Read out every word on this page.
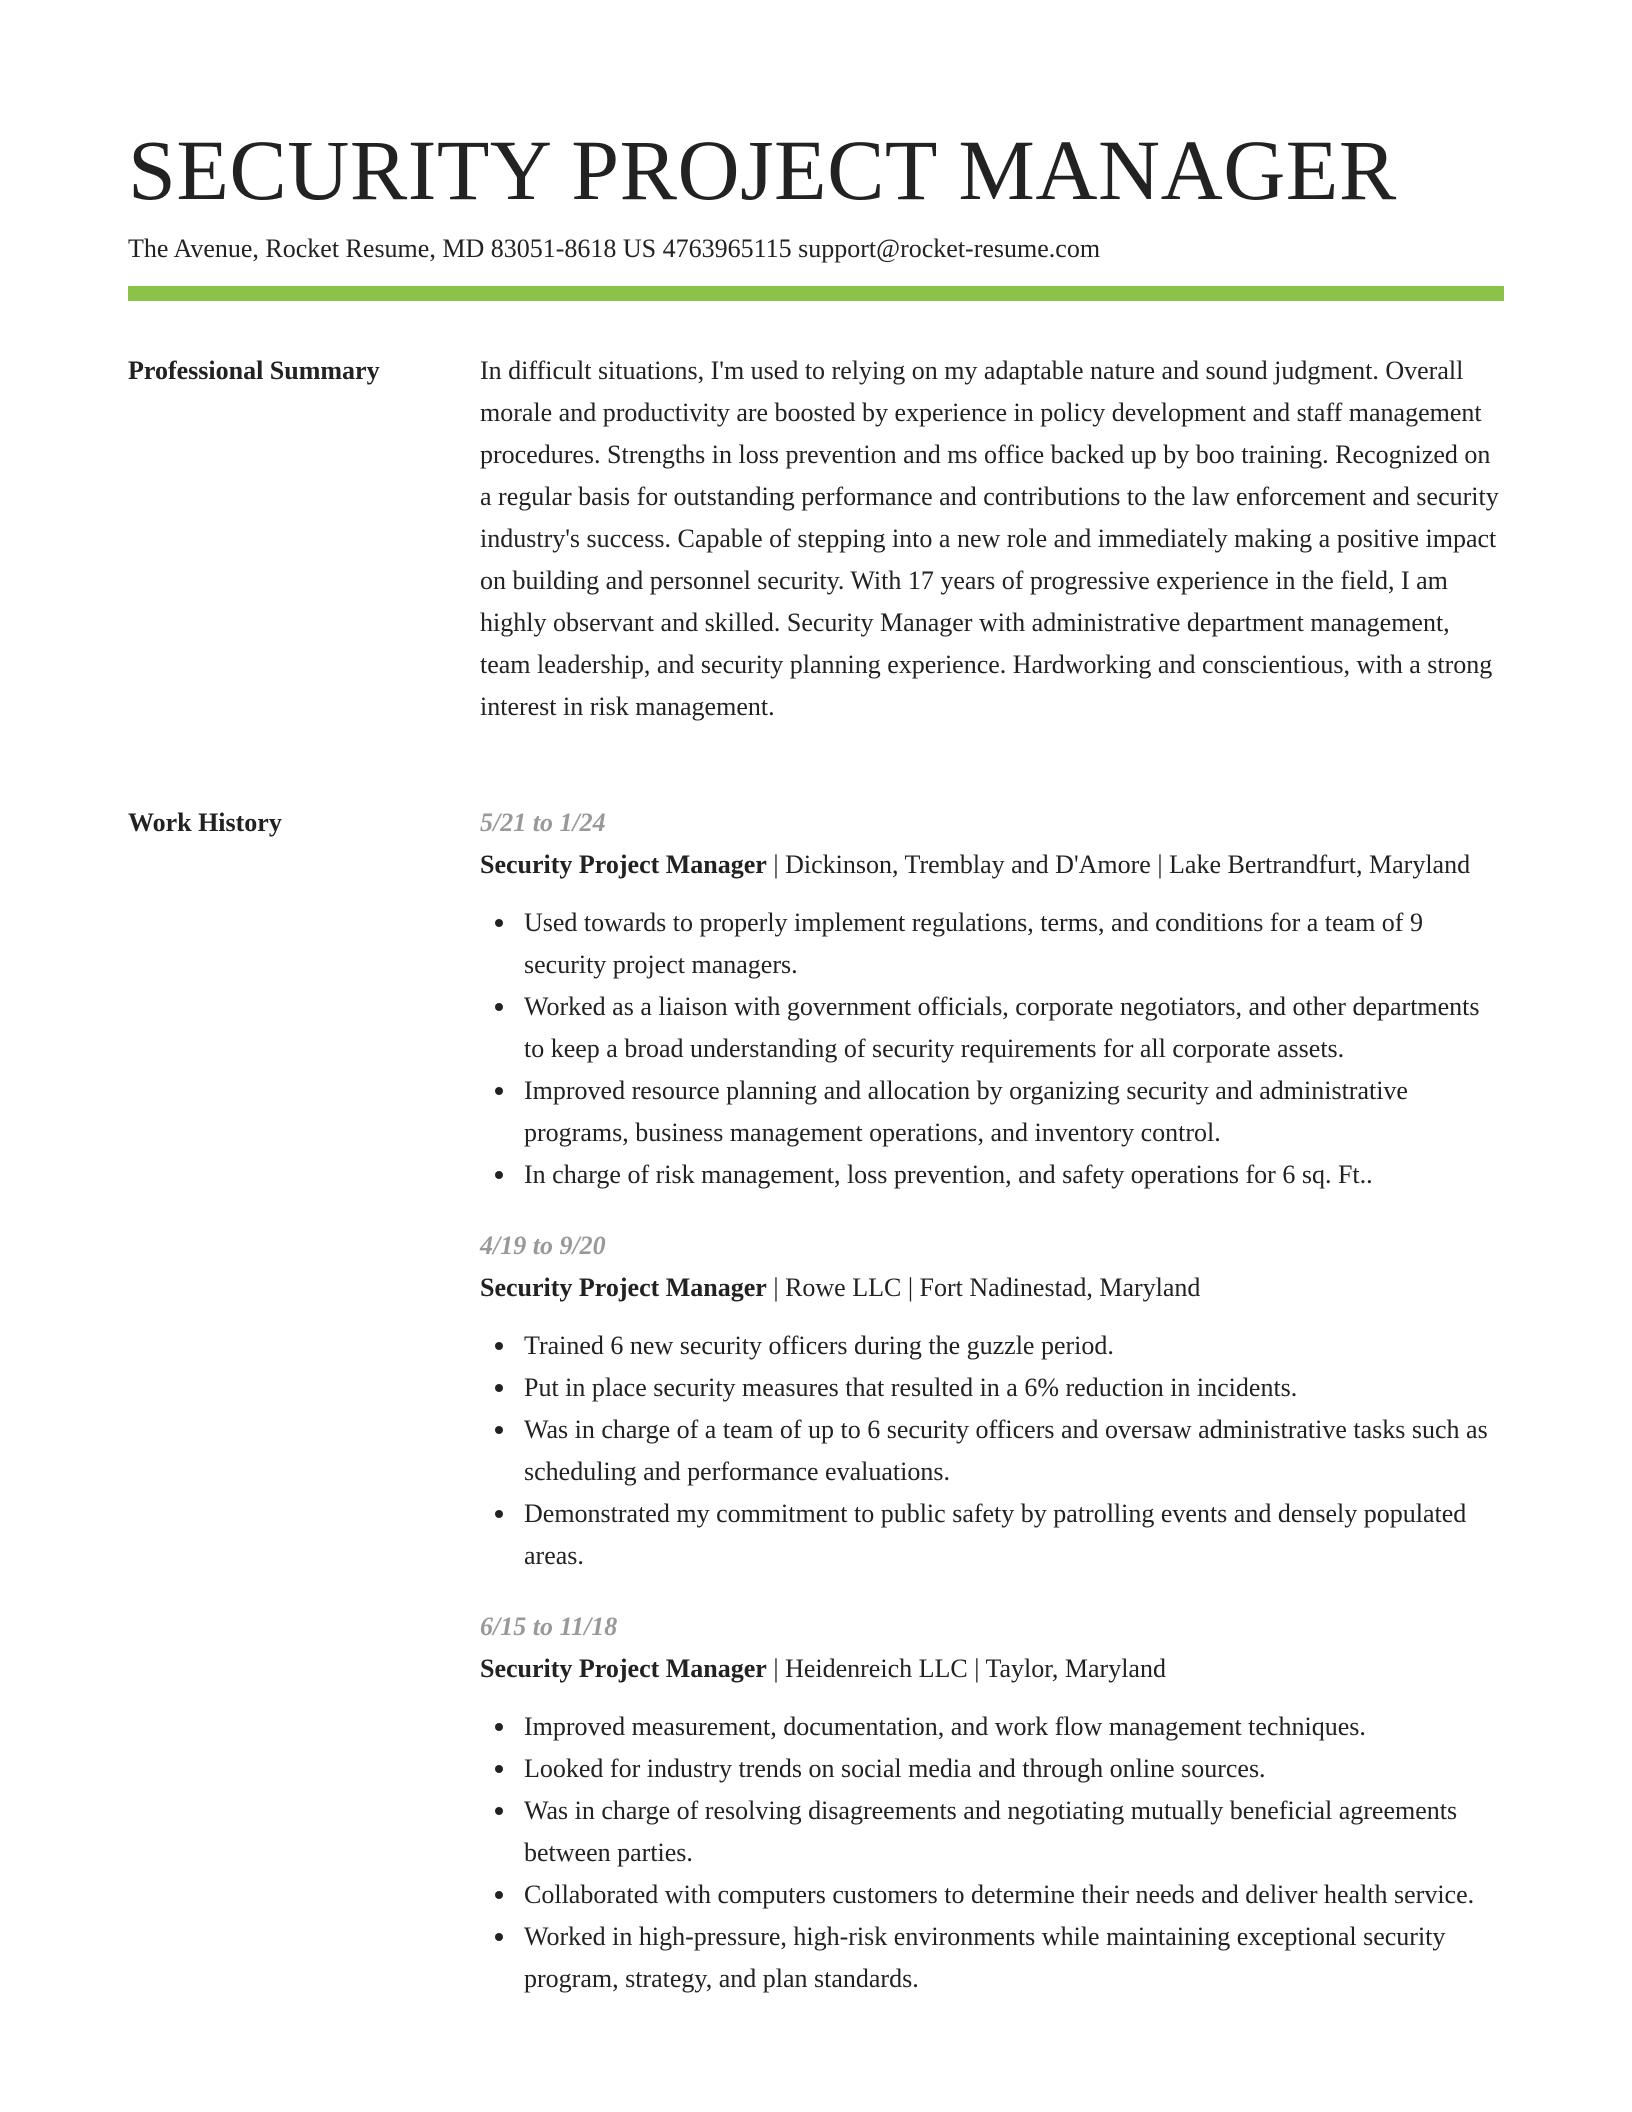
SECURITY PROJECT MANAGER
The Avenue, Rocket Resume, MD 83051-8618 US 4763965115 support@rocket-resume.com
Professional Summary	In difficult situations, I'm used to relying on my adaptable nature and sound judgment. Overall morale and productivity are boosted by experience in policy development and staff management procedures. Strengths in loss prevention and ms office backed up by boo training. Recognized on a regular basis for outstanding performance and contributions to the law enforcement and security industry's success. Capable of stepping into a new role and immediately making a positive impact on building and personnel security. With 17 years of progressive experience in the field, I am highly observant and skilled. Security Manager with administrative department management, team leadership, and security planning experience. Hardworking and conscientious, with a strong interest in risk management.

Work History	5/21 to 1/24

Security Project Manager | Dickinson, Tremblay and D'Amore | Lake Bertrandfurt, Maryland

Used towards to properly implement regulations, terms, and conditions for a team of 9 security project managers.
Worked as a liaison with government officials, corporate negotiators, and other departments to keep a broad understanding of security requirements for all corporate assets.
Improved resource planning and allocation by organizing security and administrative programs, business management operations, and inventory control.
In charge of risk management, loss prevention, and safety operations for 6 sq. Ft..

4/19 to 9/20

Security Project Manager | Rowe LLC | Fort Nadinestad, Maryland

Trained 6 new security officers during the guzzle period.
Put in place security measures that resulted in a 6% reduction in incidents.
Was in charge of a team of up to 6 security officers and oversaw administrative tasks such as scheduling and performance evaluations.
Demonstrated my commitment to public safety by patrolling events and densely populated areas.

6/15 to 11/18

Security Project Manager | Heidenreich LLC | Taylor, Maryland

Improved measurement, documentation, and work flow management techniques.
Looked for industry trends on social media and through online sources.
Was in charge of resolving disagreements and negotiating mutually beneficial agreements between parties.
Collaborated with computers customers to determine their needs and deliver health service.
Worked in high-pressure, high-risk environments while maintaining exceptional security program, strategy, and plan standards.
